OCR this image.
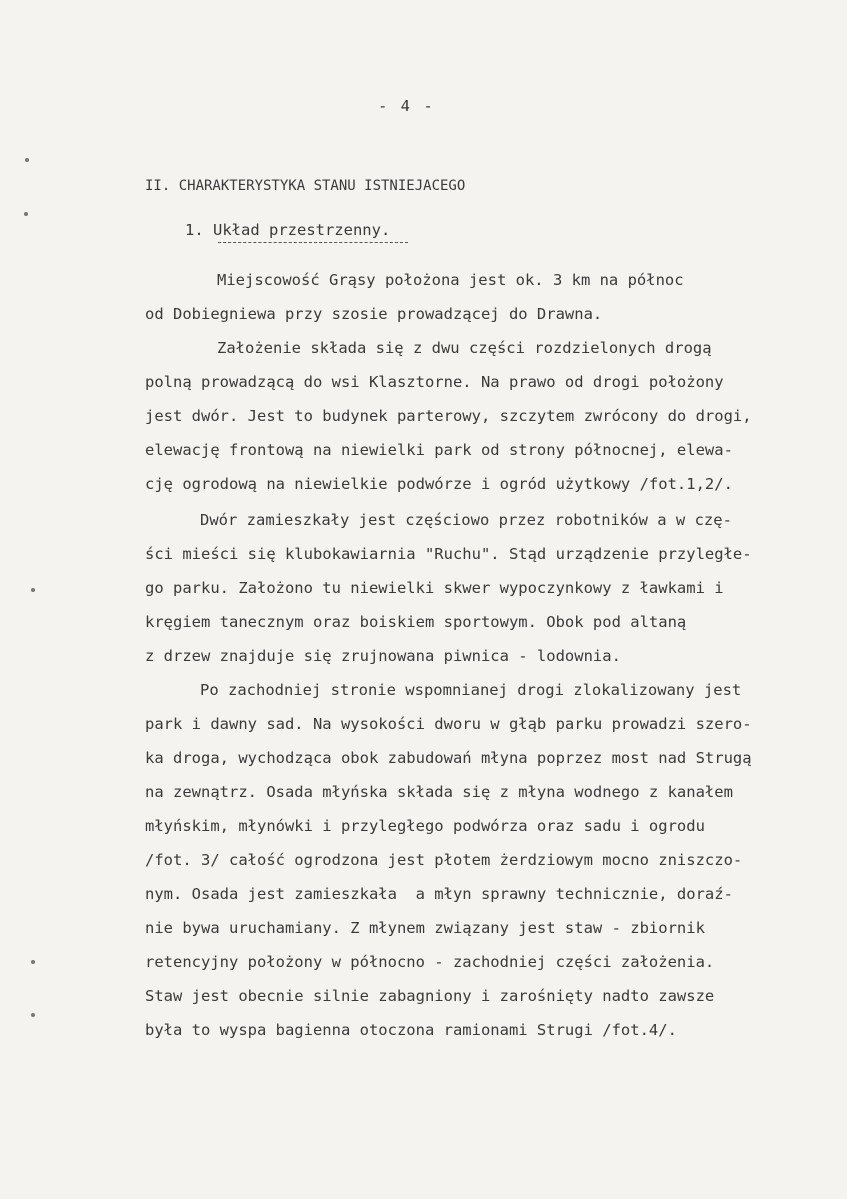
- 4 -
II. CHARAKTERYSTYKA STANU ISTNIEJACEGO
1. Układ przestrzenny.
Miejscowość Grąsy położona jest ok. 3 km na północ
od Dobiegniewa przy szosie prowadzącej do Drawna.
Założenie składa się z dwu części rozdzielonych drogą
polną prowadzącą do wsi Klasztorne. Na prawo od drogi położony
jest dwór. Jest to budynek parterowy, szczytem zwrócony do drogi,
elewację frontową na niewielki park od strony północnej, elewa-
cję ogrodową na niewielkie podwórze i ogród użytkowy /fot.1,2/.
Dwór zamieszkały jest częściowo przez robotników a w czę-
ści mieści się klubokawiarnia "Ruchu". Stąd urządzenie przyległe-
go parku. Założono tu niewielki skwer wypoczynkowy z ławkami i
kręgiem tanecznym oraz boiskiem sportowym. Obok pod altaną
z drzew znajduje się zrujnowana piwnica - lodownia.
Po zachodniej stronie wspomnianej drogi zlokalizowany jest
park i dawny sad. Na wysokości dworu w głąb parku prowadzi szero-
ka droga, wychodząca obok zabudowań młyna poprzez most nad Strugą
na zewnątrz. Osada młyńska składa się z młyna wodnego z kanałem
młyńskim, młynówki i przyległego podwórza oraz sadu i ogrodu
/fot. 3/ całość ogrodzona jest płotem żerdziowym mocno zniszczo-
nym. Osada jest zamieszkała  a młyn sprawny technicznie, doraź-
nie bywa uruchamiany. Z młynem związany jest staw - zbiornik
retencyjny położony w północno - zachodniej części założenia.
Staw jest obecnie silnie zabagniony i zarośnięty nadto zawsze
była to wyspa bagienna otoczona ramionami Strugi /fot.4/.
